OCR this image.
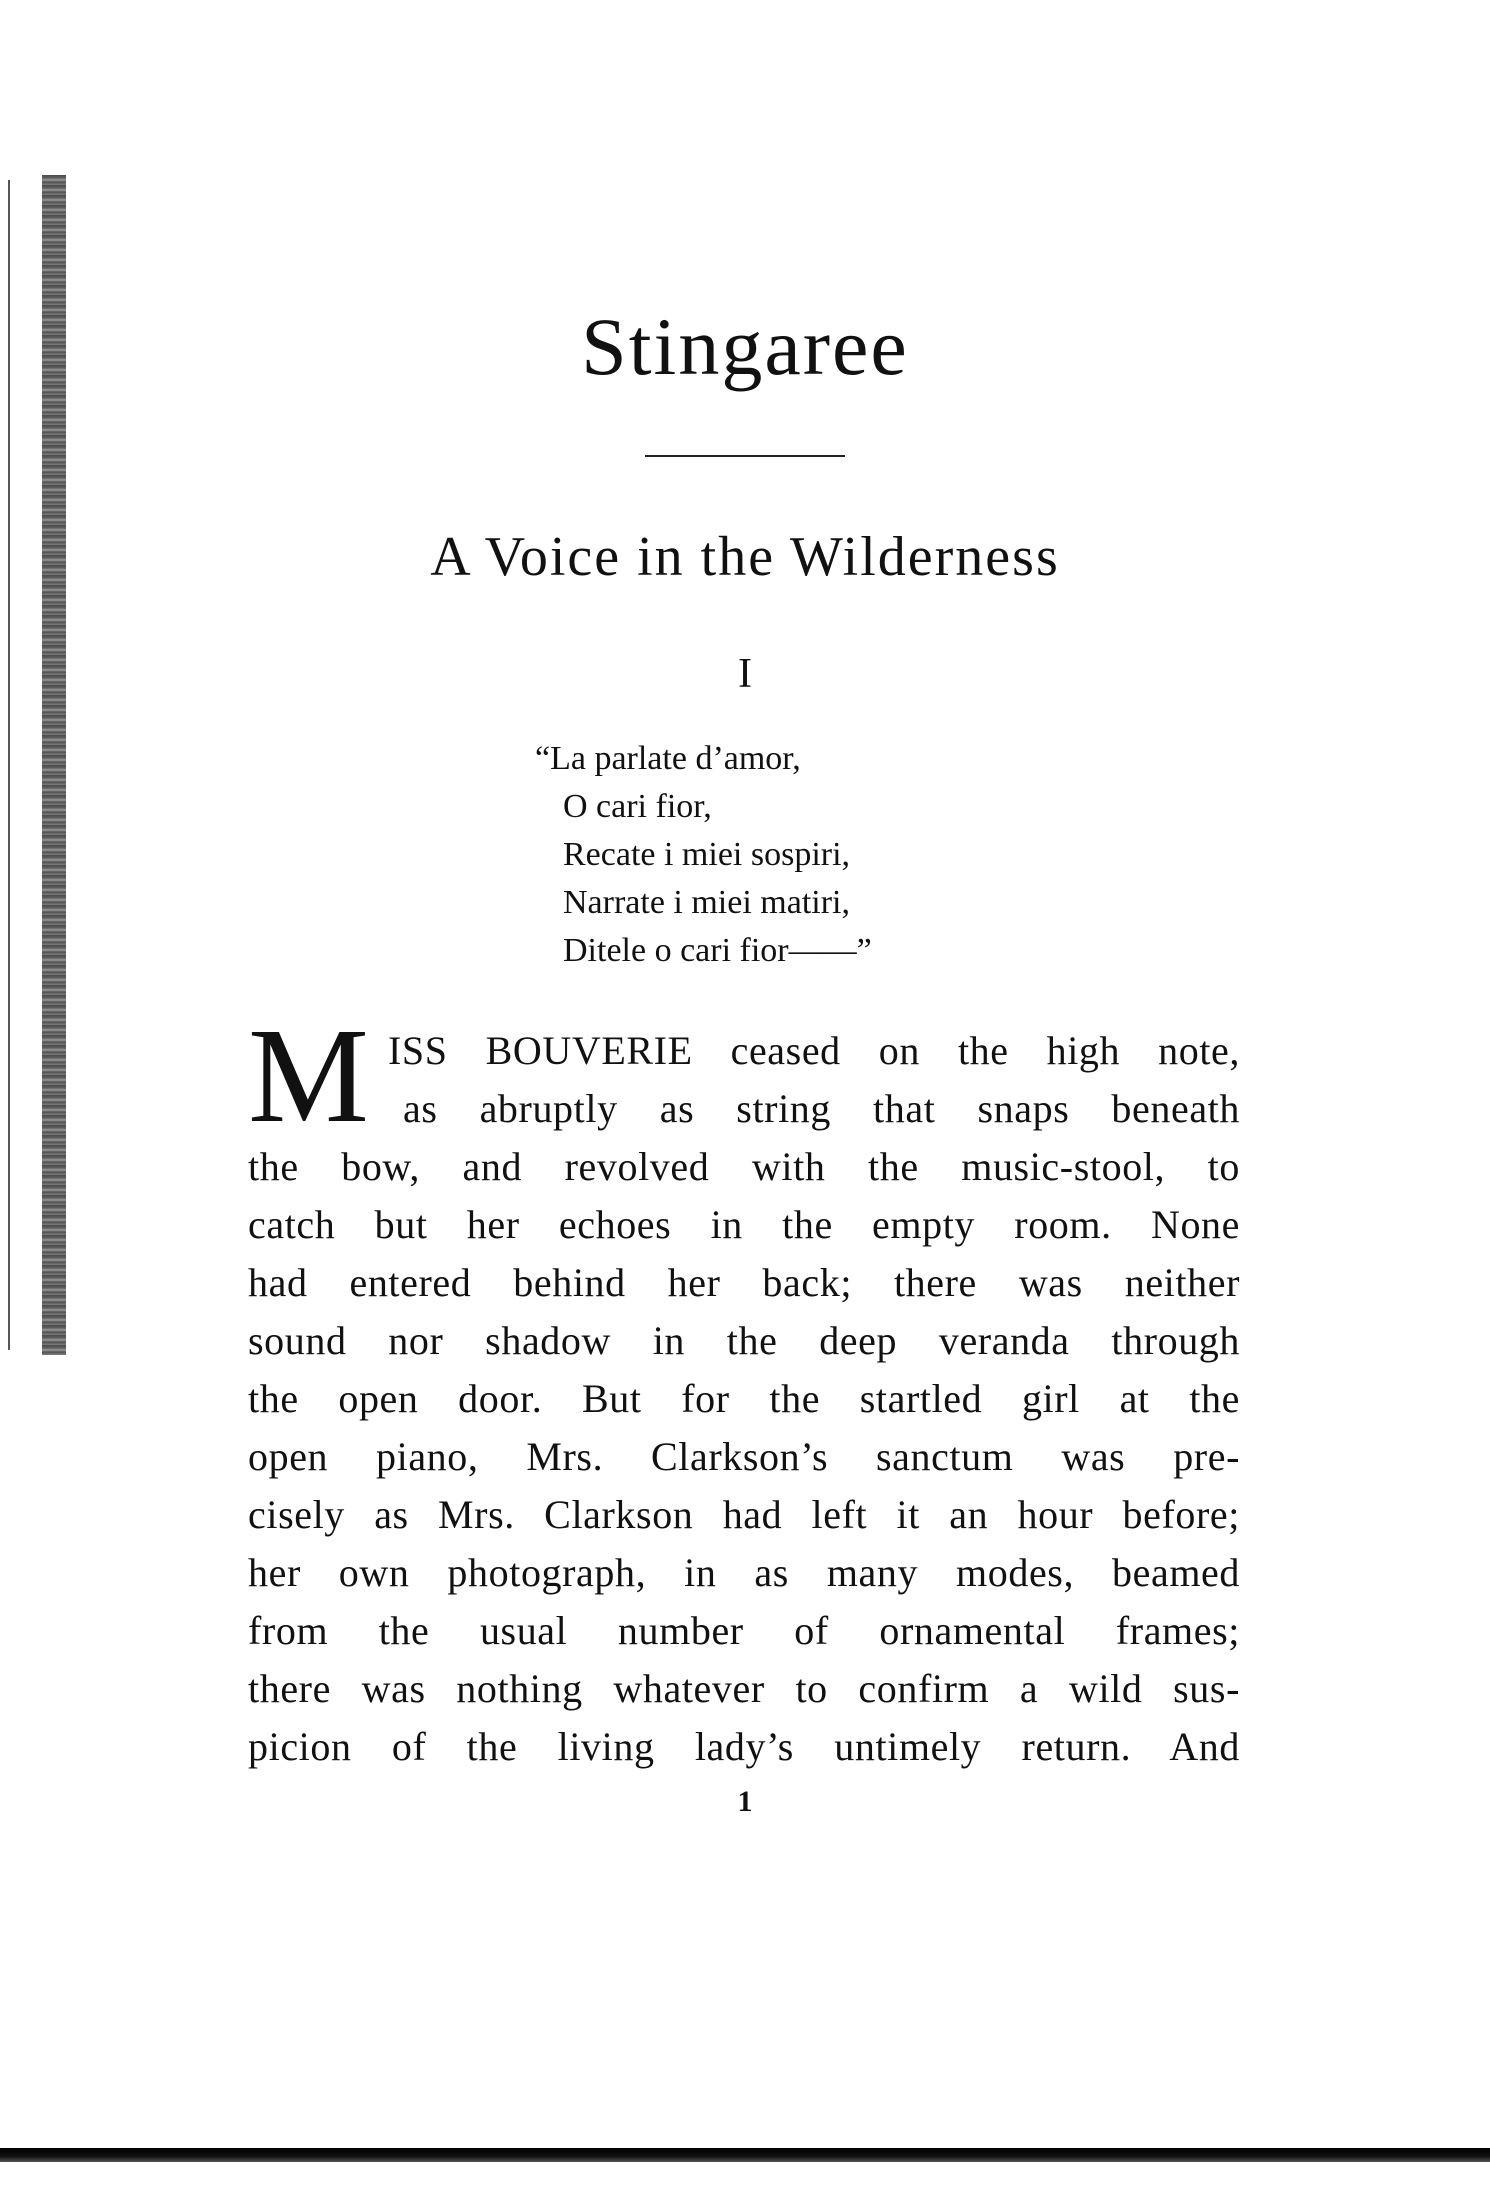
Stingaree
A Voice in the Wilderness
I
“La parlate d’amor,
O cari fior,
Recate i miei sospiri,
Narrate i miei matiri,
Ditele o cari fior——”
M ISS BOUVERIE ceased on the high note,
as abruptly as string that snaps beneath
the bow, and revolved with the music-stool, to
catch but her echoes in the empty room. None
had entered behind her back; there was neither
sound nor shadow in the deep veranda through
the open door. But for the startled girl at the
open piano, Mrs. Clarkson’s sanctum was pre-
cisely as Mrs. Clarkson had left it an hour before;
her own photograph, in as many modes, beamed
from the usual number of ornamental frames;
there was nothing whatever to confirm a wild sus-
picion of the living lady’s untimely return. And
1
